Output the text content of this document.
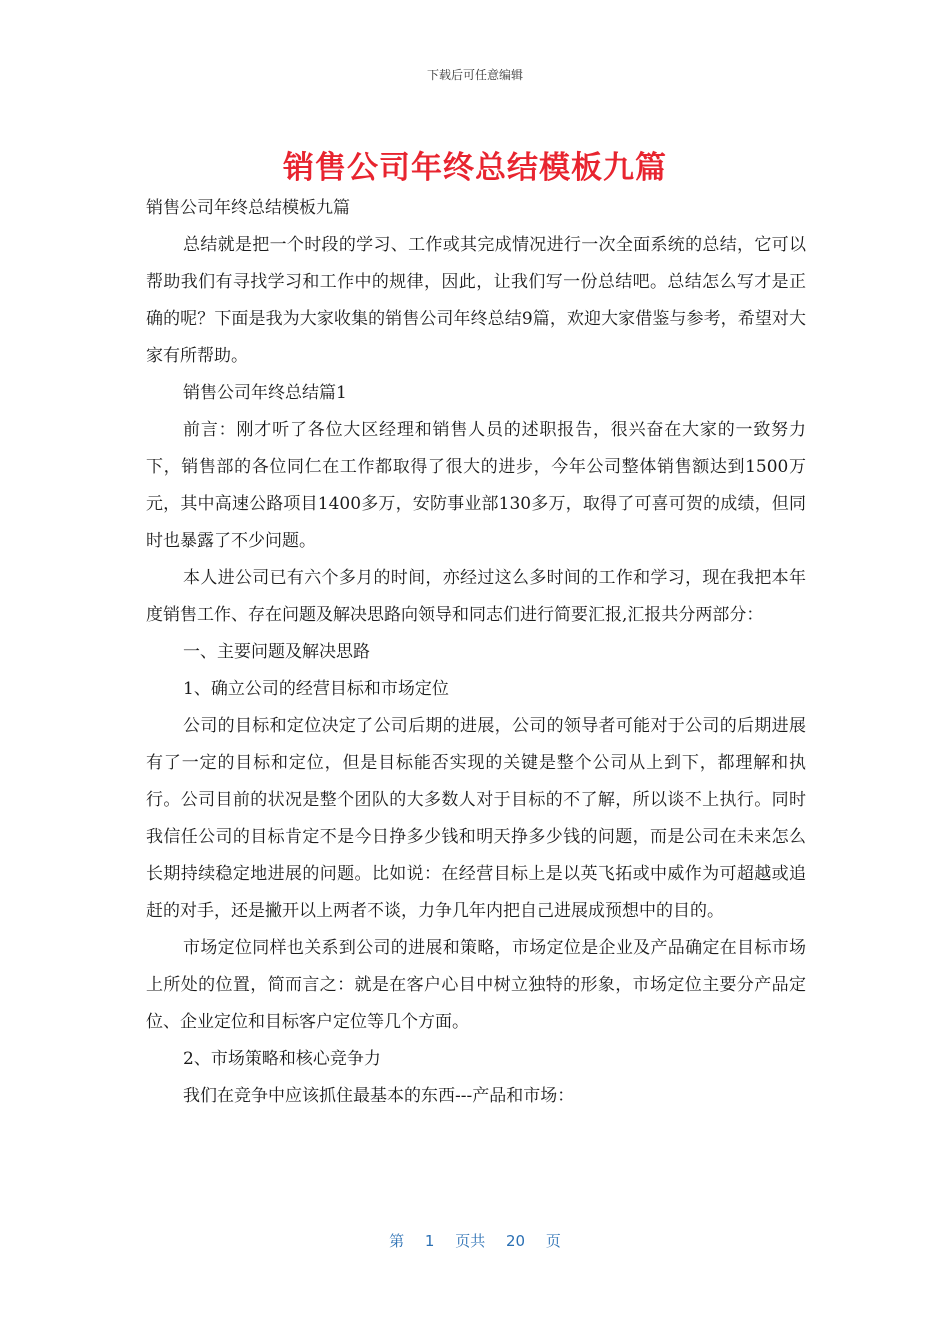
下载后可任意编辑
销售公司年终总结模板九篇

销售公司年终总结模板九篇

总结就是把一个时段的学习、工作或其完成情况进行一次全面系统的总结，它可以帮助我们有寻找学习和工作中的规律，因此，让我们写一份总结吧。总结怎么写才是正确的呢？下面是我为大家收集的销售公司年终总结9篇，欢迎大家借鉴与参考，希望对大家有所帮助。

销售公司年终总结篇1

前言：刚才听了各位大区经理和销售人员的述职报告，很兴奋在大家的一致努力下，销售部的各位同仁在工作都取得了很大的进步，今年公司整体销售额达到1500万元，其中高速公路项目1400多万，安防事业部130多万，取得了可喜可贺的成绩，但同时也暴露了不少问题。

本人进公司已有六个多月的时间，亦经过这么多时间的工作和学习，现在我把本年度销售工作、存在问题及解决思路向领导和同志们进行简要汇报,汇报共分两部分：

一、主要问题及解决思路

1、确立公司的经营目标和市场定位

公司的目标和定位决定了公司后期的进展，公司的领导者可能对于公司的后期进展有了一定的目标和定位，但是目标能否实现的关键是整个公司从上到下，都理解和执行。公司目前的状况是整个团队的大多数人对于目标的不了解，所以谈不上执行。同时我信任公司的目标肯定不是今日挣多少钱和明天挣多少钱的问题，而是公司在未来怎么长期持续稳定地进展的问题。比如说：在经营目标上是以英飞拓或中威作为可超越或追赶的对手，还是撇开以上两者不谈，力争几年内把自己进展成预想中的目的。

市场定位同样也关系到公司的进展和策略，市场定位是企业及产品确定在目标市场上所处的位置，简而言之：就是在客户心目中树立独特的形象，市场定位主要分产品定位、企业定位和目标客户定位等几个方面。

2、市场策略和核心竞争力

我们在竞争中应该抓住最基本的东西---产品和市场：

第 1 页共 20 页
